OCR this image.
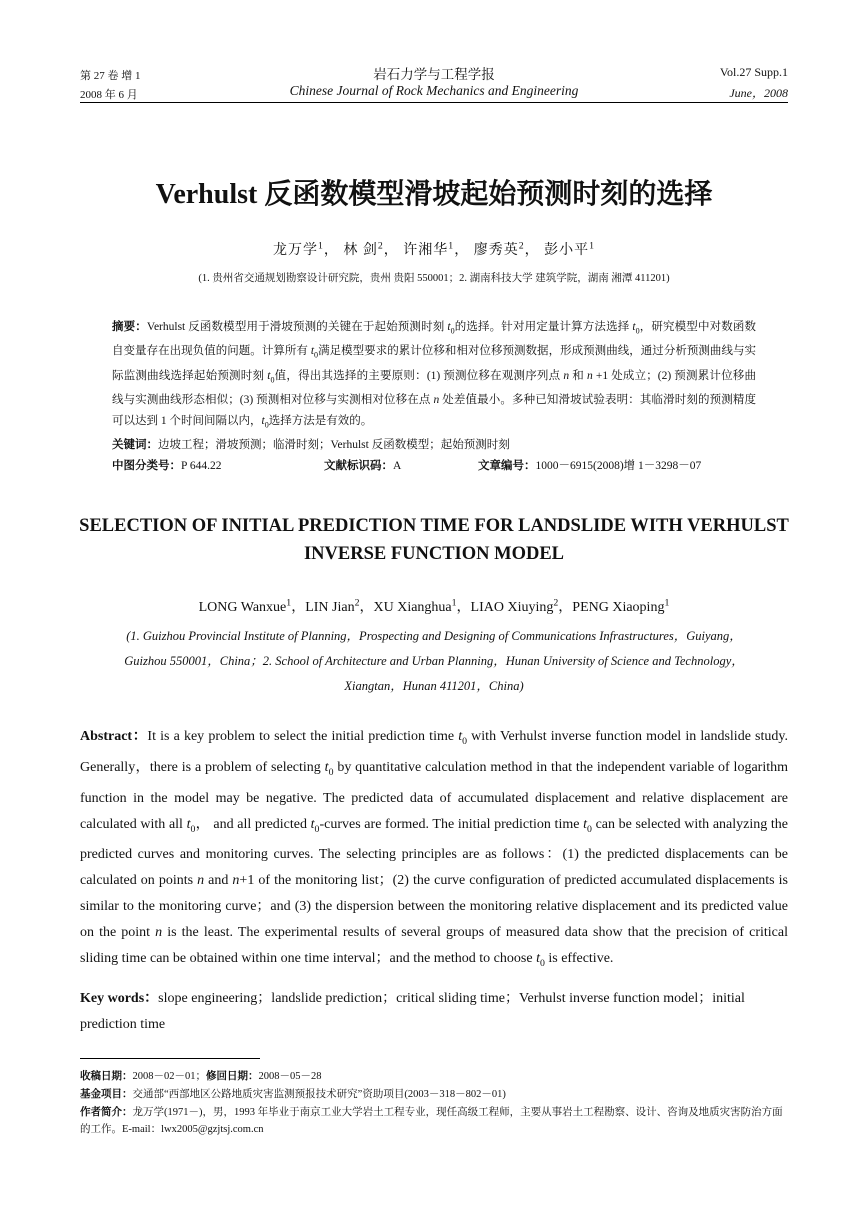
第 27 卷 增 1
2008 年 6 月
岩石力学与工程学报
Chinese Journal of Rock Mechanics and Engineering
Vol.27 Supp.1
June，2008
Verhulst 反函数模型滑坡起始预测时刻的选择
龙万学$^1$， 林 剑$^2$， 许湘华$^1$， 廖秀英$^2$， 彭小平$^1$
(1. 贵州省交通规划勘察设计研究院，贵州 贵阳 550001；2. 湖南科技大学 建筑学院，湖南 湘潭 411201)
摘要：Verhulst 反函数模型用于滑坡预测的关键在于起始预测时刻 $t_0$的选择。针对用定量计算方法选择 $t_0$，研究模型中对数函数自变量存在出现负值的问题。计算所有 $t_0$满足模型要求的累计位移和相对位移预测数据，形成预测曲线，通过分析预测曲线与实际监测曲线选择起始预测时刻 $t_0$值，得出其选择的主要原则：(1) 预测位移在观测序列点 n 和 n +1 处成立；(2) 预测累计位移曲线与实测曲线形态相似；(3) 预测相对位移与实测相对位移在点 n 处差值最小。多种已知滑坡试验表明：其临滑时刻的预测精度可以达到 1 个时间间隔以内，$t_0$选择方法是有效的。
关键词：边坡工程；滑坡预测；临滑时刻；Verhulst 反函数模型；起始预测时刻
中图分类号：P 644.22	文献标识码：A	文章编号：1000－6915(2008)增 1－3298－07
SELECTION OF INITIAL PREDICTION TIME FOR LANDSLIDE WITH VERHULST INVERSE FUNCTION MODEL
LONG Wanxue$^1$，LIN Jian$^2$，XU Xianghua$^1$，LIAO Xiuying$^2$，PENG Xiaoping$^1$
(1. Guizhou Provincial Institute of Planning，Prospecting and Designing of Communications Infrastructures，Guiyang，
Guizhou 550001，China；2. School of Architecture and Urban Planning，Hunan University of Science and Technology，
Xiangtan，Hunan 411201，China)
Abstract：It is a key problem to select the initial prediction time $t_0$ with Verhulst inverse function model in landslide study. Generally，there is a problem of selecting $t_0$ by quantitative calculation method in that the independent variable of logarithm function in the model may be negative. The predicted data of accumulated displacement and relative displacement are calculated with all $t_0$， and all predicted $t_0$-curves are formed. The initial prediction time $t_0$ can be selected with analyzing the predicted curves and monitoring curves. The selecting principles are as follows：(1) the predicted displacements can be calculated on points n and n+1 of the monitoring list；(2) the curve configuration of predicted accumulated displacements is similar to the monitoring curve；and (3) the dispersion between the monitoring relative displacement and its predicted value on the point n is the least. The experimental results of several groups of measured data show that the precision of critical sliding time can be obtained within one time interval；and the method to choose $t_0$ is effective.
Key words：slope engineering；landslide prediction；critical sliding time；Verhulst inverse function model；initial prediction time
收稿日期：2008－02－01；修回日期：2008－05－28
基金项目：交通部“西部地区公路地质灾害监测预报技术研究”资助项目(2003－318－802－01)
作者简介：龙万学(1971－)，男，1993 年毕业于南京工业大学岩土工程专业，现任高级工程师，主要从事岩土工程勘察、设计、咨询及地质灾害防治方面的工作。E-mail：lwx2005@gzjtsj.com.cn
